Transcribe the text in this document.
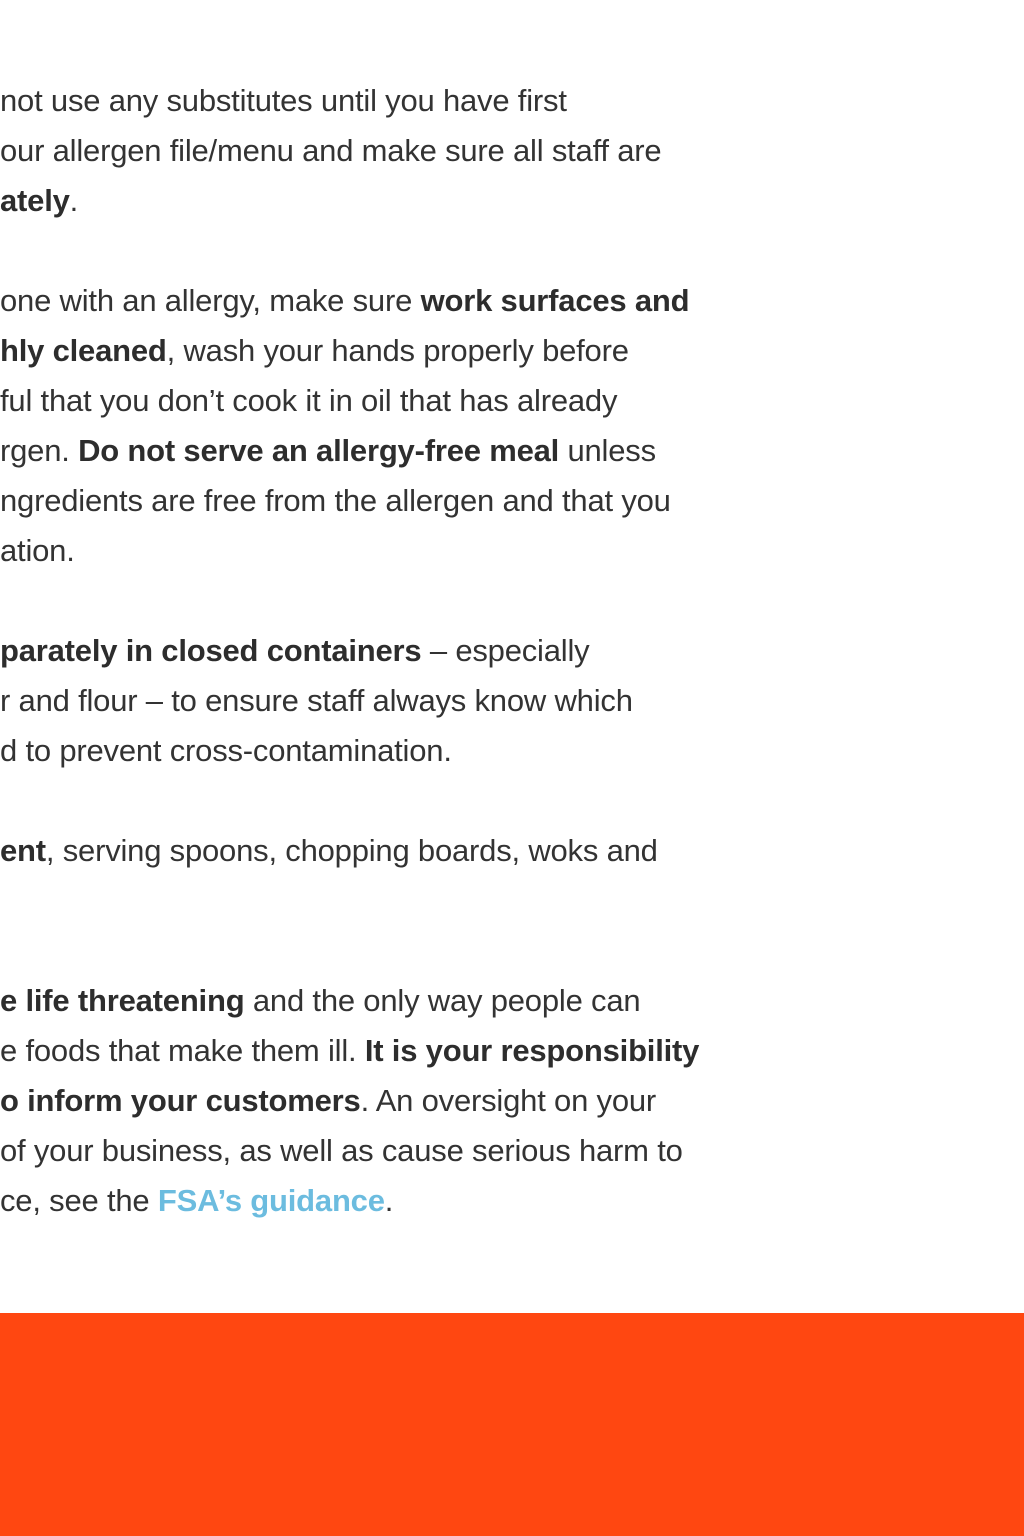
not use any substitutes until you have first
our allergen file/menu and make sure all staff are
ately.
one with an allergy, make sure work surfaces and
hly cleaned, wash your hands properly before
ful that you don’t cook it in oil that has already
rgen. Do not serve an allergy-free meal unless
ngredients are free from the allergen and that you
ation.
parately in closed containers – especially
r and flour – to ensure staff always know which
d to prevent cross-contamination.
ent, serving spoons, chopping boards, woks and
e life threatening and the only way people can
e foods that make them ill. It is your responsibility
o inform your customers. An oversight on your
of your business, as well as cause serious harm to
ce, see the FSA’s guidance.
